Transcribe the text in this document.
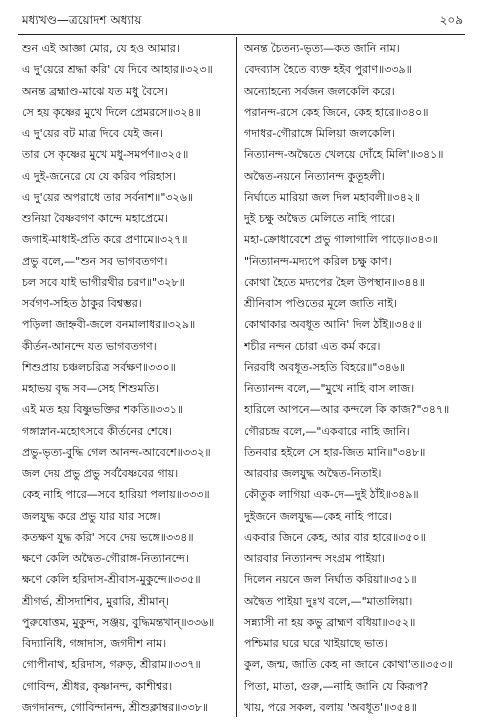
মধ্যখণ্ড—ত্রয়োদশ অধ্যায়	২০৯
শুন এই আজ্ঞা মোর, যে হও আমার।
এ দু'য়েরে শ্রদ্ধা করি' যে দিবে আহার॥৩২৩॥
অনন্ত ব্রহ্মাণ্ড-মাঝে যত মধু বৈসে।
সে হয় কৃষ্ণের মুখে দিলে প্রেমরসে॥৩২৪॥
এ দু'য়ের বট মাত্র দিবে যেই জন।
তার সে কৃষ্ণের মুখে মধু-সমর্পণ॥৩২৫॥
এ দুই-জনেরে যে যে করিব পরিহাস।
এ দু'য়ের অপরাধে তার সর্বনাশ॥"৩২৬॥
শুনিয়া বৈষ্ণবগণ কান্দে মহাপ্রেমে।
জগাই-মাধাই-প্রতি করে প্রণামে॥৩২৭॥
প্রভু বলে,—"শুন সব ভাগবতগণ।
চল সবে যাই ভাগীরথীর চরণ॥"৩২৮॥
সর্বগণ-সহিত ঠাকুর বিশ্বম্ভর।
পড়িলা জাহ্নবী-জলে বনমালাধর॥৩২৯॥
কীর্তন-আনন্দে যত ভাগবতগণ।
শিশুপ্রায় চঞ্চলচরিত্র সর্বক্ষণ॥৩৩০॥
মহাভয় বৃদ্ধ সব—সেহ শিশুমতি।
এই মত হয় বিষ্ণুভক্তির শকতি॥৩৩১॥
গঙ্গাস্নান-মহোৎসবে কীর্তনের শেষে।
প্রভু-ভৃত্য-বুদ্ধি গেল আনন্দ-আবেশে॥৩৩২॥
জল দেয় প্রভু প্রভু সর্ববৈষ্ণবের গায়।
কেহ নাহি পারে—সবে হারিয়া পলায়॥৩৩৩॥
জলযুদ্ধ করে প্রভু যার যার সঙ্গে।
কতক্ষণ যুদ্ধ করি' সবে দেয় ভঙ্গে॥৩৩৪॥
ক্ষণে কেলি অদ্বৈত-গৌরাঙ্গ-নিত্যানন্দে।
ক্ষণে কেলি হরিদাস-শ্রীবাস-মুকুন্দে॥৩৩৫॥
শ্রীগর্ভ, শ্রীসদাশিব, মুরারি, শ্রীমান্।
পুরুষোত্তম, মুকুন্দ, সঞ্জয়, বুদ্ধিমন্তখান্॥৩৩৬॥
বিদ্যানিধি, গঙ্গাদাস, জগদীশ নাম।
গোপীনাথ, হরিদাস, গরুড়, শ্রীরাম॥৩৩৭॥
গোবিন্দ, শ্রীধর, কৃষ্ণানন্দ, কাশীশ্বর।
জগদানন্দ, গোবিন্দানন্দ, শ্রীশুক্লাম্বর॥৩৩৮॥
অনন্ত চৈতন্য-ভৃত্য—কত জানি নাম।
বেদব্যাস হৈতে ব্যক্ত হইব পুরাণ॥৩৩৯॥
অন্যোহন্যে সর্বজন জলকেলি করে।
পরানন্দ-রসে কেহ জিনে, কেহ হারে॥৩৪০॥
গদাধর-গৌরাঙ্গে মিলিয়া জলকেলি।
নিত্যানন্দ-অদ্বৈতে খেলয়ে দোঁহে মিলি'॥৩৪১॥
অদ্বৈত-নয়নে নিত্যানন্দ কুতূহলী।
নির্ঘাতে মারিয়া জল দিল মহাবলী॥৩৪২॥
দুই চক্ষু অদ্বৈত মেলিতে নাহি পারে।
মহা-ক্রোধাবেশে প্রভু গালাগালি পাড়ে॥৩৪৩॥
"নিত্যানন্দ-মদ্যপে করিল চক্ষু কাণ।
কোথা হৈতে মদ্যপের হৈল উপস্থান॥৩৪৪॥
শ্রীনিবাস পণ্ডিতের মূলে জাতি নাই।
কোথাকার অবধূত আনি' দিল ঠাঁই॥৩৪৫॥
শচীর নন্দন চোরা এত কর্ম করে।
নিরবধি অবধূত-সহতি বিহরে॥"৩৪৬॥
নিত্যানন্দ বলে,—"মুখে নাহি বাস লাজ।
হারিলে আপনে—আর কন্দলে কি কাজ?"৩৪৭॥
গৌরচন্দ্র বলে,—"একবারে নাহি জানি।
তিনবার হইলে সে হার-জিত মানি॥"৩৪৮॥
আরবার জলযুদ্ধ অদ্বৈত-নিতাই।
কৌতুক লাগিয়া এক-দে—দুই ঠাঁই॥৩৪৯॥
দুইজনে জলযুদ্ধ—কেহ নাহি পারে।
একবার জিনে কেহ, আর বার হারে॥৩৫০॥
আরবার নিত্যানন্দ সংগ্রম পাইয়া।
দিলেন নয়নে জল নির্ঘাত করিয়া॥৩৫১॥
অদ্বৈত পাইয়া দুঃখ বলে,—"মাতালিয়া।
সন্ন্যাসী না হয় কভু ব্রাহ্মণ বধিয়া॥৩৫২॥
পশ্চিমার ঘরে ঘরে খাইয়াছে ভাত।
কুল, জন্ম, জাতি কেহ না জানে কোথা'ত॥৩৫৩॥
পিতা, মাতা, গুরু,—নাহি জানি যে কিরূপ?
খায়, পরে সকল, বলায় 'অবধূত'॥৩৫৪॥
